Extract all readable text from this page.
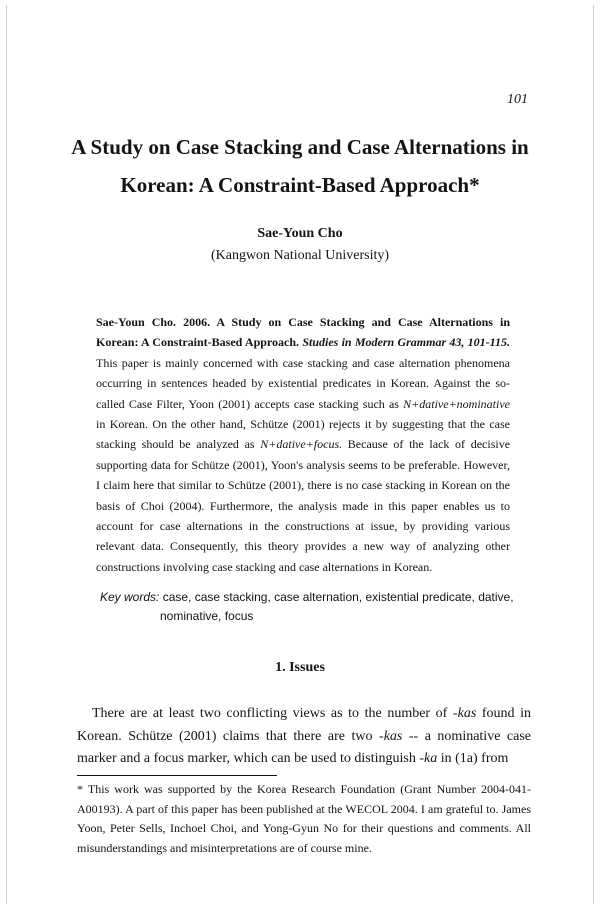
101
A Study on Case Stacking and Case Alternations in
Korean: A Constraint-Based Approach*
Sae-Youn Cho
(Kangwon National University)
Sae-Youn Cho. 2006. A Study on Case Stacking and Case Alternations in Korean: A Constraint-Based Approach. Studies in Modern Grammar 43, 101-115. This paper is mainly concerned with case stacking and case alternation phenomena occurring in sentences headed by existential predicates in Korean. Against the so-called Case Filter, Yoon (2001) accepts case stacking such as N+dative+nominative in Korean. On the other hand, Schütze (2001) rejects it by suggesting that the case stacking should be analyzed as N+dative+focus. Because of the lack of decisive supporting data for Schütze (2001), Yoon's analysis seems to be preferable. However, I claim here that similar to Schütze (2001), there is no case stacking in Korean on the basis of Choi (2004). Furthermore, the analysis made in this paper enables us to account for case alternations in the constructions at issue, by providing various relevant data. Consequently, this theory provides a new way of analyzing other constructions involving case stacking and case alternations in Korean.
Key words: case, case stacking, case alternation, existential predicate, dative,
nominative, focus
1. Issues
There are at least two conflicting views as to the number of -kas found in Korean. Schütze (2001) claims that there are two -kas -- a nominative case marker and a focus marker, which can be used to distinguish -ka in (1a) from
* This work was supported by the Korea Research Foundation (Grant Number 2004-041-A00193). A part of this paper has been published at the WECOL 2004. I am grateful to. James Yoon, Peter Sells, Inchoel Choi, and Yong-Gyun No for their questions and comments. All misunderstandings and misinterpretations are of course mine.
